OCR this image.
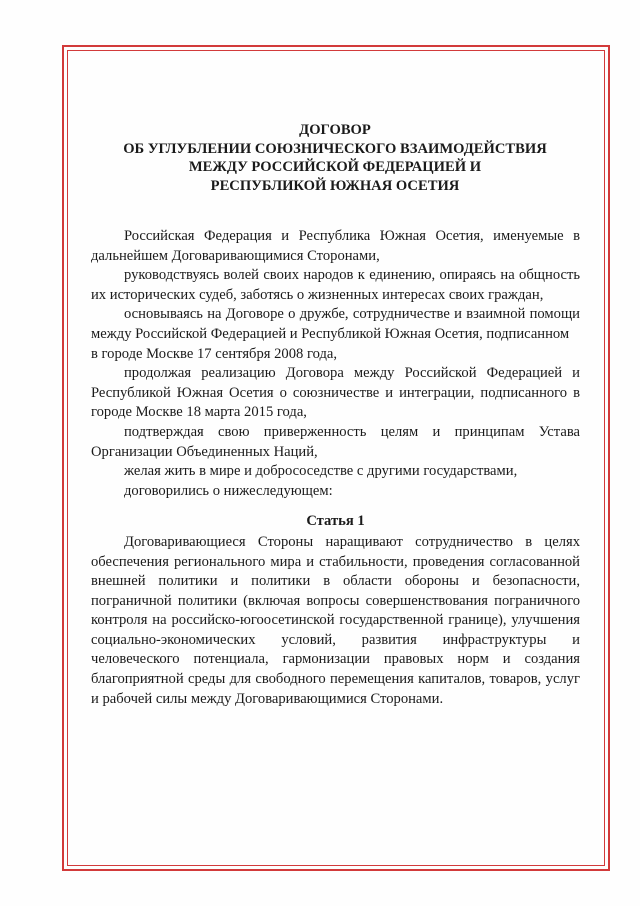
ДОГОВОР
ОБ УГЛУБЛЕНИИ СОЮЗНИЧЕСКОГО ВЗАИМОДЕЙСТВИЯ
МЕЖДУ РОССИЙСКОЙ ФЕДЕРАЦИЕЙ И
РЕСПУБЛИКОЙ ЮЖНАЯ ОСЕТИЯ

Российская Федерация и Республика Южная Осетия, именуемые в дальнейшем Договаривающимися Сторонами,

руководствуясь волей своих народов к единению, опираясь на общность их исторических судеб, заботясь о жизненных интересах своих граждан,

основываясь на Договоре о дружбе, сотрудничестве и взаимной помощи между Российской Федерацией и Республикой Южная Осетия, подписанном

в городе Москве 17 сентября 2008 года,

продолжая реализацию Договора между Российской Федерацией и Республикой Южная Осетия о союзничестве и интеграции, подписанного в городе Москве 18 марта 2015 года,

подтверждая свою приверженность целям и принципам Устава Организации Объединенных Наций,

желая жить в мире и добрососедстве с другими государствами,

договорились о нижеследующем:

Статья 1

Договаривающиеся Стороны наращивают сотрудничество в целях обеспечения регионального мира и стабильности, проведения согласованной внешней политики и политики в области обороны и безопасности, пограничной политики (включая вопросы совершенствования пограничного контроля на российско-югоосетинской государственной границе), улучшения социально-экономических условий, развития инфраструктуры и человеческого потенциала, гармонизации правовых норм и создания благоприятной среды для свободного перемещения капиталов, товаров, услуг и рабочей силы между Договаривающимися Сторонами.
